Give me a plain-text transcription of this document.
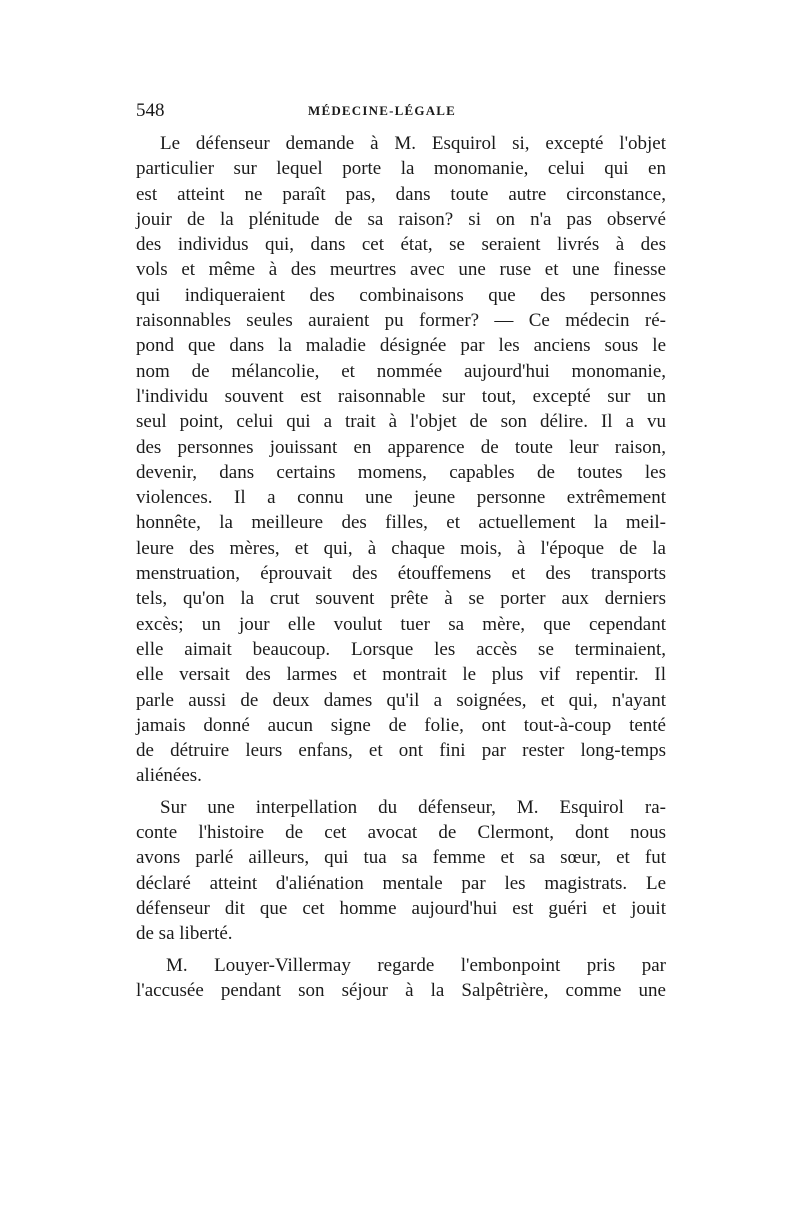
548	MÉDECINE-LÉGALE
Le défenseur demande à M. Esquirol si, excepté l'objet
particulier sur lequel porte la monomanie, celui qui en
est atteint ne paraît pas, dans toute autre circonstance,
jouir de la plénitude de sa raison? si on n'a pas observé
des individus qui, dans cet état, se seraient livrés à des
vols et même à des meurtres avec une ruse et une finesse
qui indiqueraient des combinaisons que des personnes
raisonnables seules auraient pu former? — Ce médecin ré-
pond que dans la maladie désignée par les anciens sous le
nom de mélancolie, et nommée aujourd'hui monomanie,
l'individu souvent est raisonnable sur tout, excepté sur un
seul point, celui qui a trait à l'objet de son délire. Il a vu
des personnes jouissant en apparence de toute leur raison,
devenir, dans certains momens, capables de toutes les
violences. Il a connu une jeune personne extrêmement
honnête, la meilleure des filles, et actuellement la meil-
leure des mères, et qui, à chaque mois, à l'époque de la
menstruation, éprouvait des étouffemens et des transports
tels, qu'on la crut souvent prête à se porter aux derniers
excès; un jour elle voulut tuer sa mère, que cependant
elle aimait beaucoup. Lorsque les accès se terminaient,
elle versait des larmes et montrait le plus vif repentir. Il
parle aussi de deux dames qu'il a soignées, et qui, n'ayant
jamais donné aucun signe de folie, ont tout-à-coup tenté
de détruire leurs enfans, et ont fini par rester long-temps
aliénées.
Sur une interpellation du défenseur, M. Esquirol ra-
conte l'histoire de cet avocat de Clermont, dont nous
avons parlé ailleurs, qui tua sa femme et sa sœur, et fut
déclaré atteint d'aliénation mentale par les magistrats. Le
défenseur dit que cet homme aujourd'hui est guéri et jouit
de sa liberté.
M. Louyer-Villermay regarde l'embonpoint pris par
l'accusée pendant son séjour à la Salpêtrière, comme une
